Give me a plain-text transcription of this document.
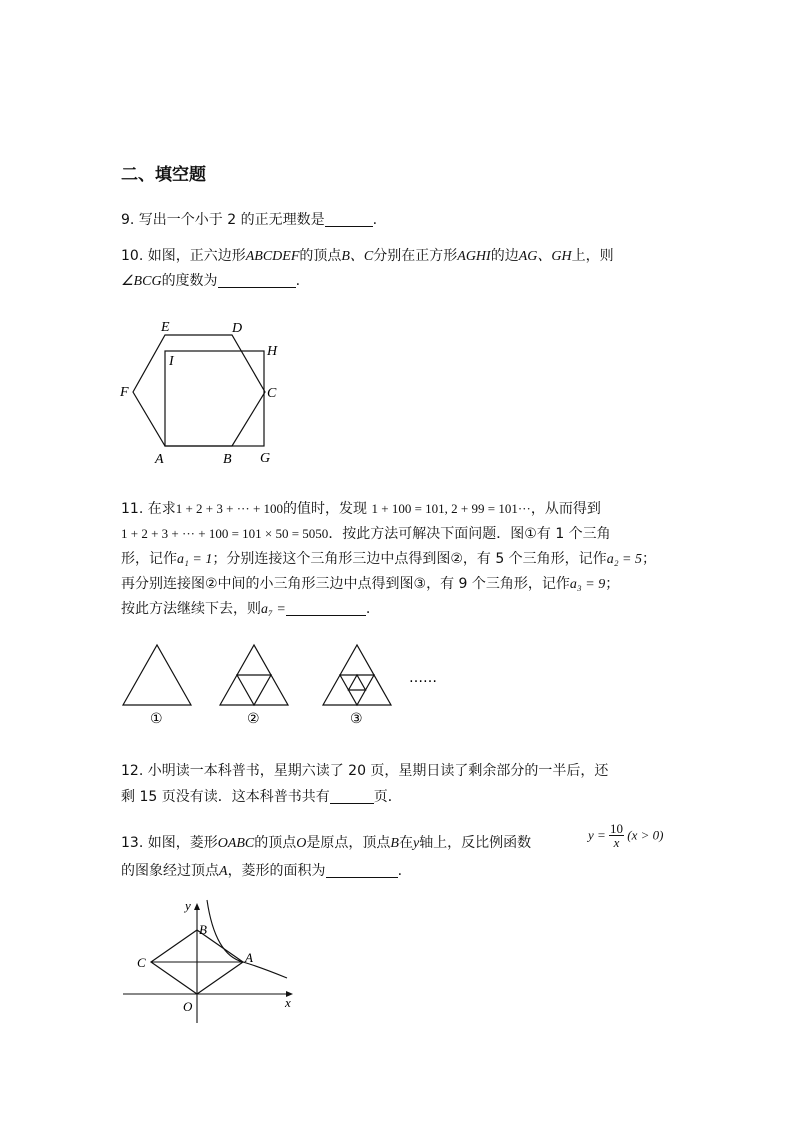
二、填空题
9. 写出一个小于 2 的正无理数是	.
10. 如图，正六边形ABCDEF的顶点B、C分别在正方形AGHI的边AG、GH上，则
∠BCG的度数为	.
E	D
H
I
F	C
A	B G
11. 在求1 + 2 + 3 + ··· + 100的值时，发现 1 + 100 = 101, 2 + 99 = 101···，从而得到
1 + 2 + 3 + ··· + 100 = 101 × 50 = 5050．按此方法可解决下面问题．图①有 1 个三角
形，记作a₁ = 1；分别连接这个三角形三边中点得到图②，有 5 个三角形，记作a₂ = 5；
再分别连接图②中间的小三角形三边中点得到图③，有 9 个三角形，记作a₃ = 9；
按此方法继续下去，则a₇ =	.
①	②	③
……
12. 小明读一本科普书，星期六读了 20 页，星期日读了剩余部分的一半后，还
剩 15 页没有读．这本科普书共有	页．
13. 如图，菱形OABC的顶点O是原点，顶点B在y轴上，反比例函数	$y = \frac{10}{x} (x > 0)$
的图象经过顶点A，菱形的面积为	.
y
B
C	A
O	x
